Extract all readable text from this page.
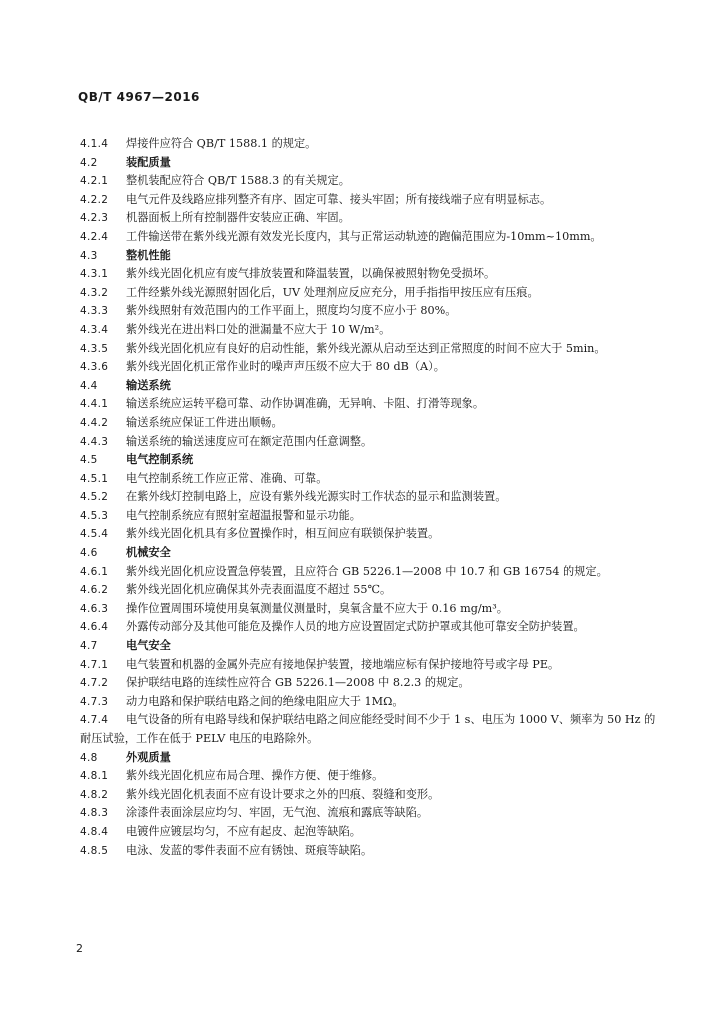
QB/T 4967—2016
4.1.4 焊接件应符合 QB/T 1588.1 的规定。
4.2	装配质量
4.2.1 整机装配应符合 QB/T 1588.3 的有关规定。
4.2.2 电气元件及线路应排列整齐有序、固定可靠、接头牢固；所有接线端子应有明显标志。
4.2.3 机器面板上所有控制器件安装应正确、牢固。
4.2.4 工件输送带在紫外线光源有效发光长度内，其与正常运动轨迹的跑偏范围应为-10mm~10mm。
4.3	整机性能
4.3.1 紫外线光固化机应有废气排放装置和降温装置，以确保被照射物免受损坏。
4.3.2 工件经紫外线光源照射固化后，UV 处理剂应反应充分，用手指指甲按压应有压痕。
4.3.3 紫外线照射有效范围内的工作平面上，照度均匀度不应小于 80%。
4.3.4 紫外线光在进出料口处的泄漏量不应大于 10 W/m²。
4.3.5 紫外线光固化机应有良好的启动性能，紫外线光源从启动至达到正常照度的时间不应大于 5min。
4.3.6 紫外线光固化机正常作业时的噪声声压级不应大于 80 dB（A）。
4.4	输送系统
4.4.1 输送系统应运转平稳可靠、动作协调准确，无异响、卡阻、打滑等现象。
4.4.2 输送系统应保证工件进出顺畅。
4.4.3 输送系统的输送速度应可在额定范围内任意调整。
4.5	电气控制系统
4.5.1 电气控制系统工作应正常、准确、可靠。
4.5.2 在紫外线灯控制电路上，应设有紫外线光源实时工作状态的显示和监测装置。
4.5.3 电气控制系统应有照射室超温报警和显示功能。
4.5.4 紫外线光固化机具有多位置操作时，相互间应有联锁保护装置。
4.6	机械安全
4.6.1 紫外线光固化机应设置急停装置，且应符合 GB 5226.1—2008 中 10.7 和 GB 16754 的规定。
4.6.2 紫外线光固化机应确保其外壳表面温度不超过 55℃。
4.6.3 操作位置周围环境使用臭氧测量仪测量时，臭氧含量不应大于 0.16 mg/m³。
4.6.4 外露传动部分及其他可能危及操作人员的地方应设置固定式防护罩或其他可靠安全防护装置。
4.7	电气安全
4.7.1 电气装置和机器的金属外壳应有接地保护装置，接地端应标有保护接地符号或字母 PE。
4.7.2 保护联结电路的连续性应符合 GB 5226.1—2008 中 8.2.3 的规定。
4.7.3 动力电路和保护联结电路之间的绝缘电阻应大于 1MΩ。
4.7.4 电气设备的所有电路导线和保护联结电路之间应能经受时间不少于 1 s、电压为 1000 V、频率为 50 Hz 的耐压试验，工作在低于 PELV 电压的电路除外。
4.8	外观质量
4.8.1 紫外线光固化机应布局合理、操作方便、便于维修。
4.8.2 紫外线光固化机表面不应有设计要求之外的凹痕、裂缝和变形。
4.8.3 涂漆件表面涂层应均匀、牢固，无气泡、流痕和露底等缺陷。
4.8.4 电镀件应镀层均匀，不应有起皮、起泡等缺陷。
4.8.5 电泳、发蓝的零件表面不应有锈蚀、斑痕等缺陷。
2
